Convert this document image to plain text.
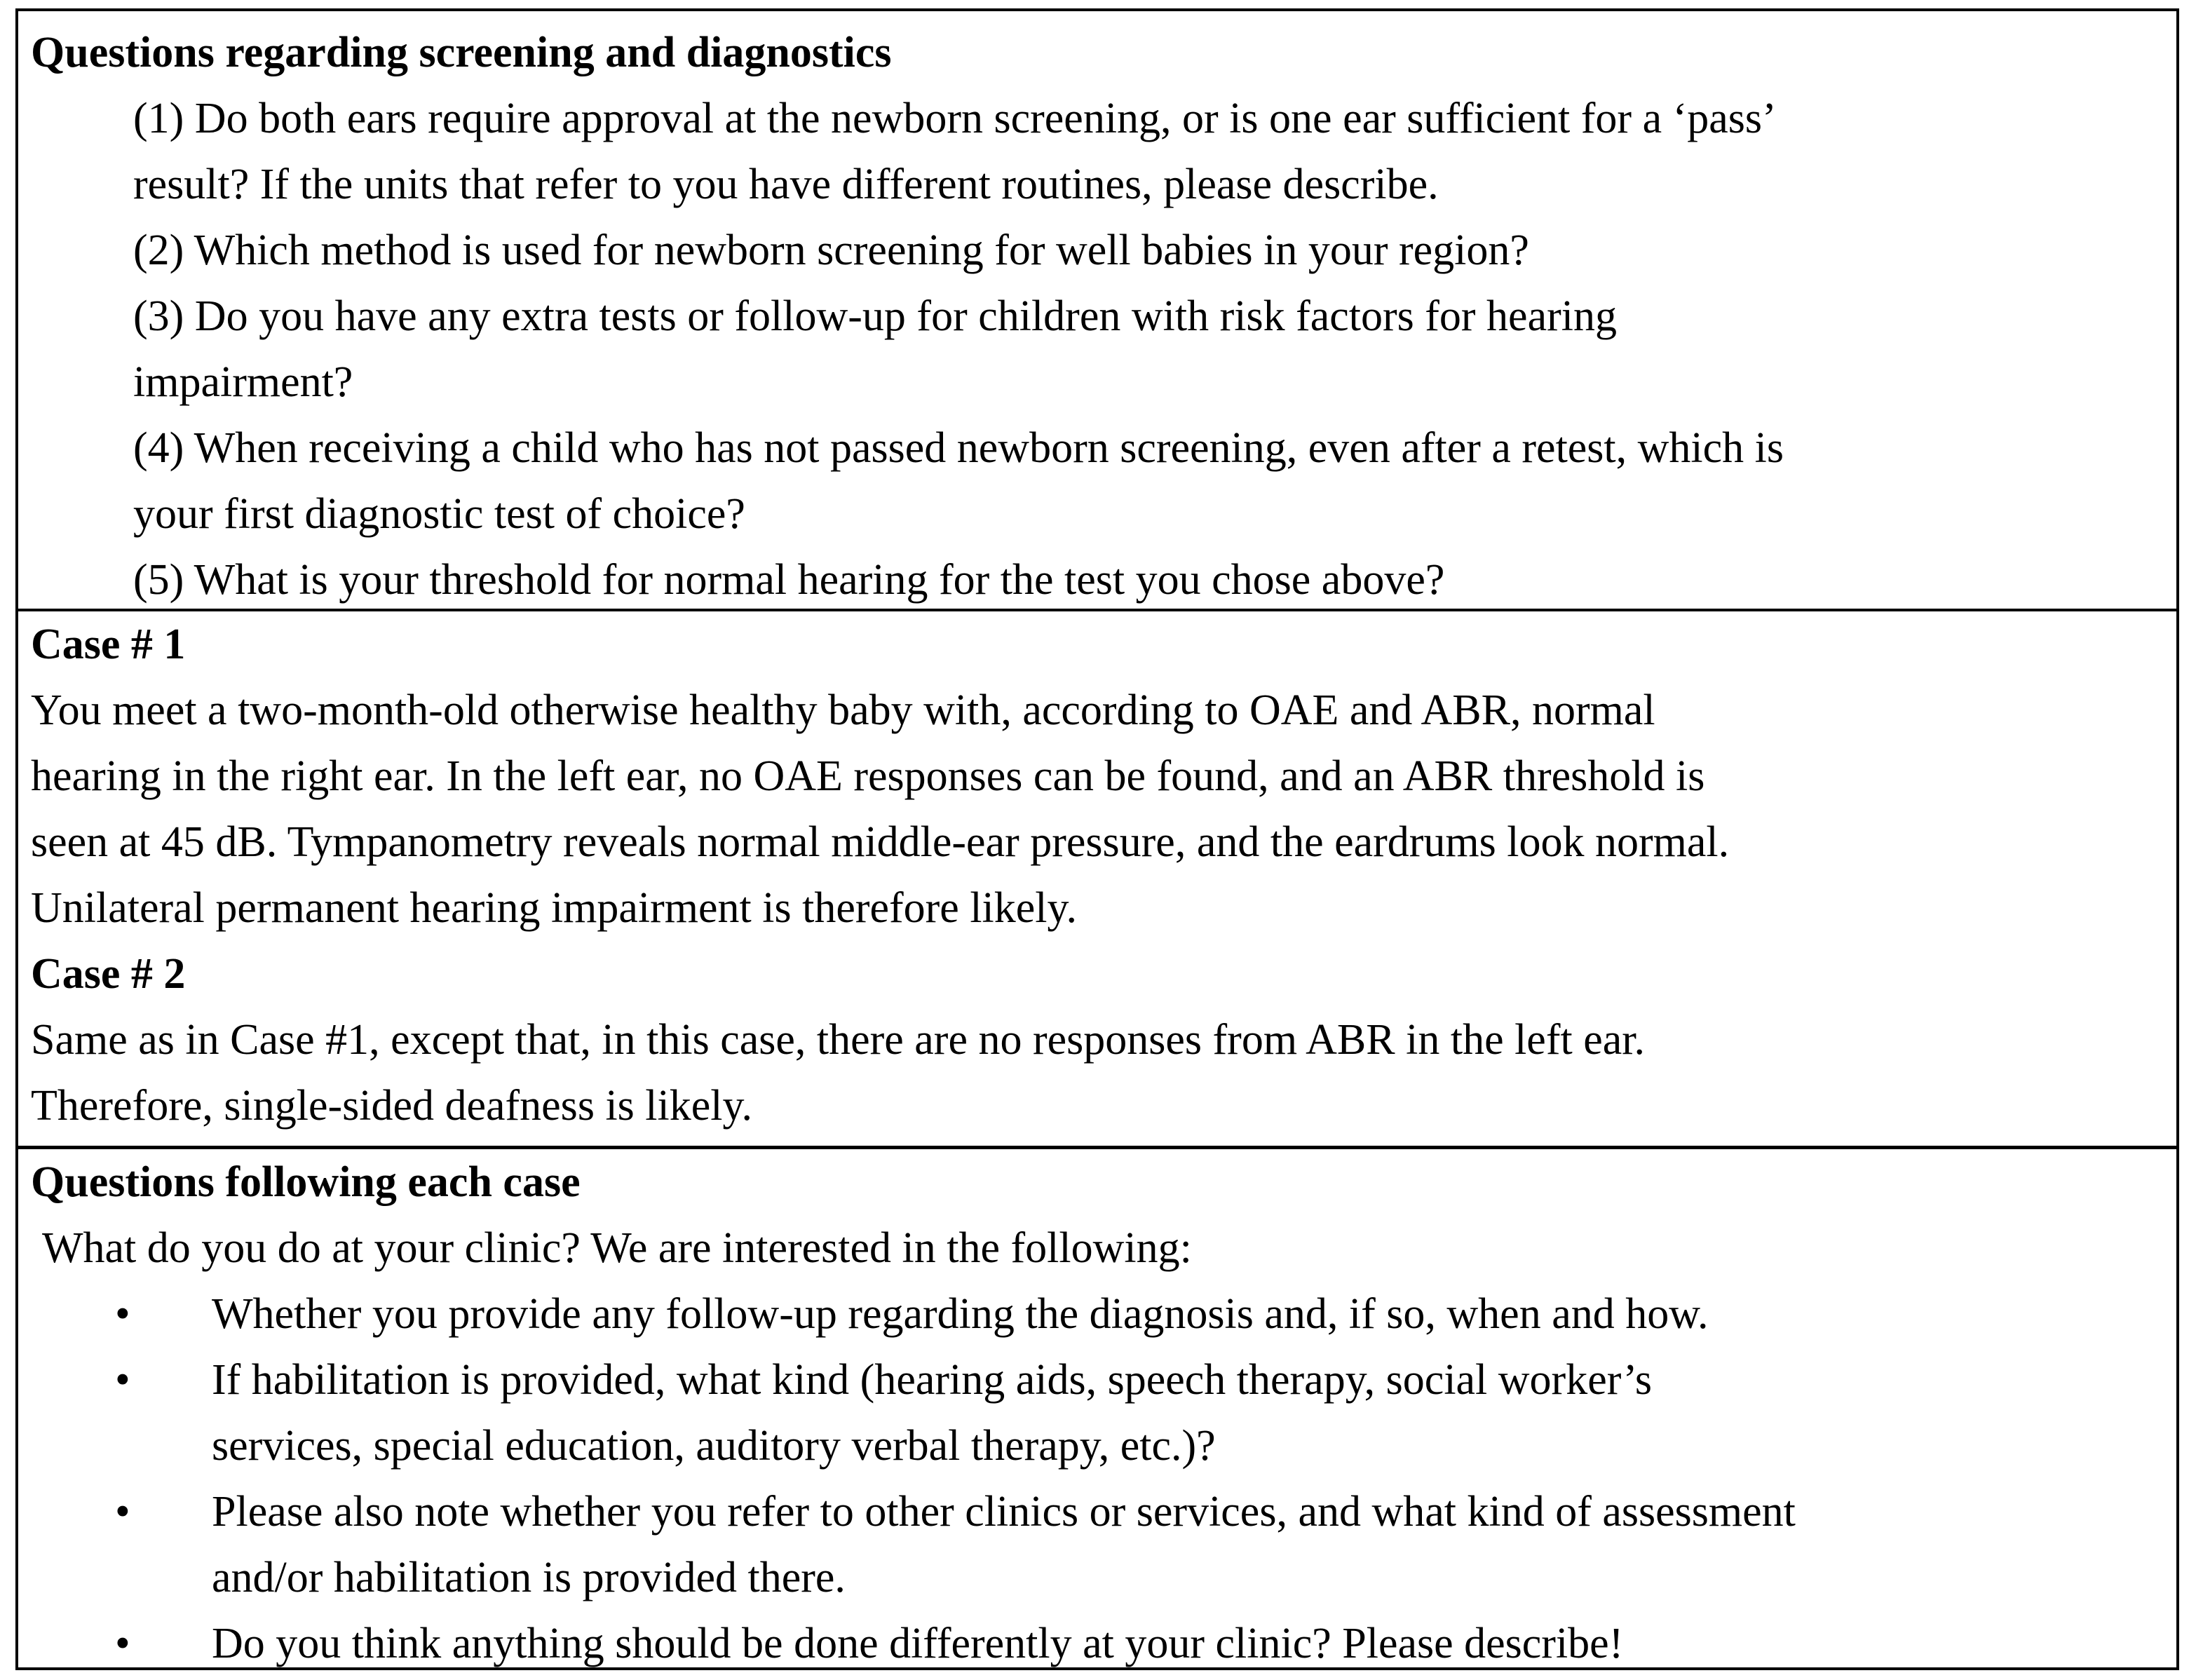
Questions regarding screening and diagnostics
(1) Do both ears require approval at the newborn screening, or is one ear sufficient for a ‘pass’
result? If the units that refer to you have different routines, please describe.
(2) Which method is used for newborn screening for well babies in your region?
(3) Do you have any extra tests or follow-up for children with risk factors for hearing
impairment?
(4) When receiving a child who has not passed newborn screening, even after a retest, which is
your first diagnostic test of choice?
(5) What is your threshold for normal hearing for the test you chose above?
Case # 1
You meet a two-month-old otherwise healthy baby with, according to OAE and ABR, normal
hearing in the right ear. In the left ear, no OAE responses can be found, and an ABR threshold is
seen at 45 dB. Tympanometry reveals normal middle-ear pressure, and the eardrums look normal.
Unilateral permanent hearing impairment is therefore likely.
Case # 2
Same as in Case #1, except that, in this case, there are no responses from ABR in the left ear.
Therefore, single-sided deafness is likely.
Questions following each case
What do you do at your clinic? We are interested in the following:
• Whether you provide any follow-up regarding the diagnosis and, if so, when and how.
• If habilitation is provided, what kind (hearing aids, speech therapy, social worker’s
services, special education, auditory verbal therapy, etc.)?
• Please also note whether you refer to other clinics or services, and what kind of assessment
and/or habilitation is provided there.
• Do you think anything should be done differently at your clinic? Please describe!
